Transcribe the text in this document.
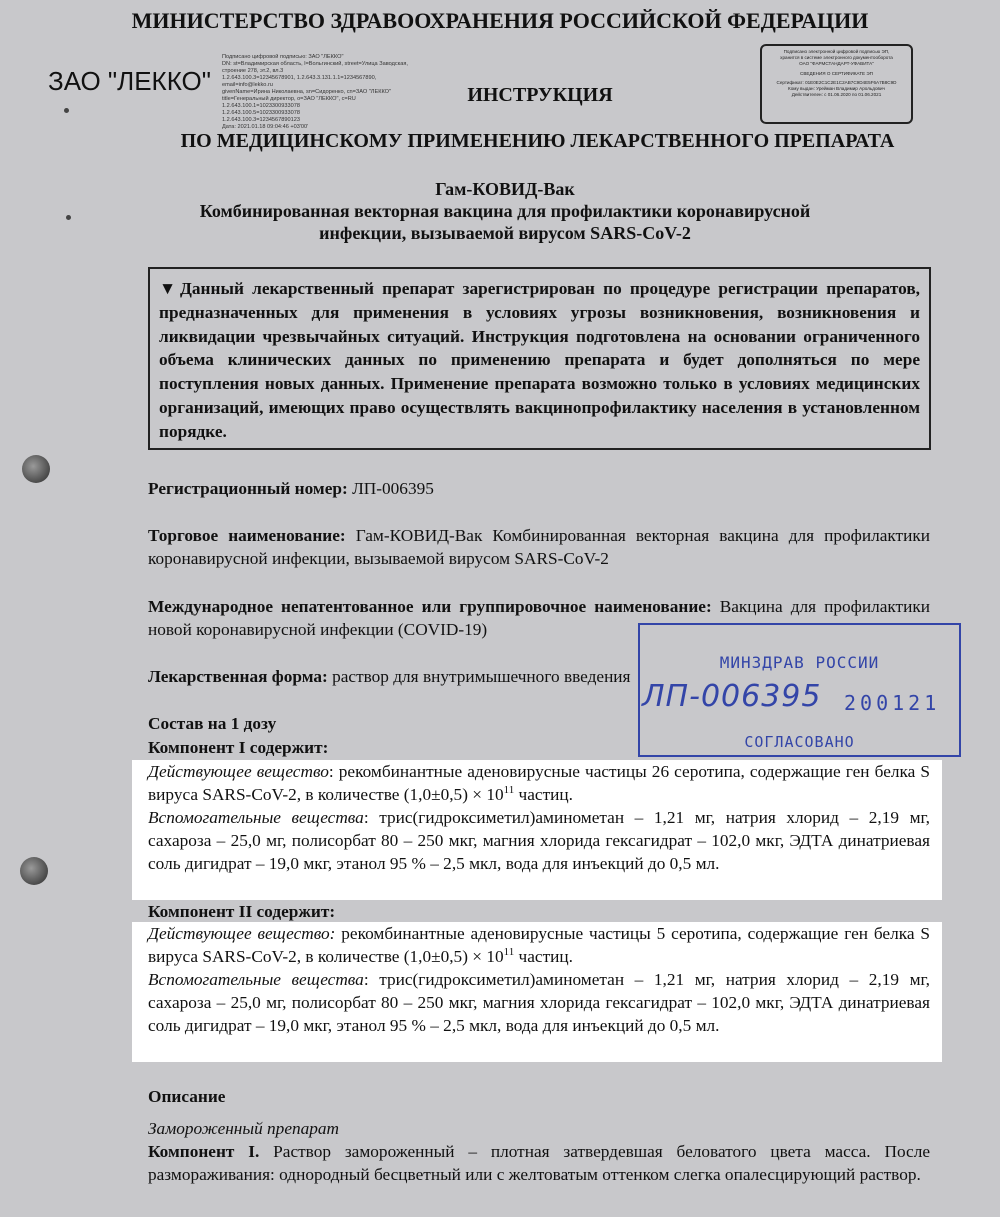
МИНИСТЕРСТВО ЗДРАВООХРАНЕНИЯ РОССИЙСКОЙ ФЕДЕРАЦИИ
ЗАО "ЛЕККО"
Подписано цифровой подписью: ЗАО "ЛЕККО"
DN: st=Владимирская область, l=Вольгинский, street=Улица Заводская, строение 278, эт.2, вл.3
1.2.643.100.3=12345678901, 1.2.643.3.131.1.1=1234567890, email=info@lekko.ru
givenName=Ирина Николаевна, sn=Сидоренко, cn=ЗАО "ЛЕККО"
title=Генеральный директор, o=ЗАО "ЛЕККО", c=RU
1.2.643.100.1=1023300933078
1.2.643.100.5=1023300933078
1.2.643.100.3=1234567890123
Дата: 2021.01.18 09:04:46 +03'00'
ИНСТРУКЦИЯ
Подписано электронной цифровой подписью ЭП,
хранится в системе электронного документооборота
ОАО "ФАРМСТАНДАРТ-УФАВИТА"
СВЕДЕНИЯ О СЕРТИФИКАТЕ ЭП
Сертификат: 01E0E2C1C2E1C2AB7C9D4E5F6A7B8C9D
Кому выдан: Урейман Владимир Арольдович
Действителен: с 01.06.2020 по 01.06.2021
ПО МЕДИЦИНСКОМУ ПРИМЕНЕНИЮ ЛЕКАРСТВЕННОГО ПРЕПАРАТА
Гам-КОВИД-Вак
Комбинированная векторная вакцина для профилактики коронавирусной
инфекции, вызываемой вирусом SARS-CoV-2
▼Данный лекарственный препарат зарегистрирован по процедуре регистрации препаратов, предназначенных для применения в условиях угрозы возникновения, возникновения и ликвидации чрезвычайных ситуаций. Инструкция подготовлена на основании ограниченного объема клинических данных по применению препарата и будет дополняться по мере поступления новых данных. Применение препарата возможно только в условиях медицинских организаций, имеющих право осуществлять вакцинопрофилактику населения в установленном порядке.
Регистрационный номер: ЛП-006395
Торговое наименование: Гам-КОВИД-Вак Комбинированная векторная вакцина для профилактики коронавирусной инфекции, вызываемой вирусом SARS-CoV-2
Международное непатентованное или группировочное наименование: Вакцина для профилактики новой коронавирусной инфекции (COVID-19)
Лекарственная форма: раствор для внутримышечного введения
Состав на 1 дозу
Компонент I содержит:
Действующее вещество: рекомбинантные аденовирусные частицы 26 серотипа, содержащие ген белка S вируса SARS-CoV-2, в количестве $(1,0\pm 0,5) \times 10^{11}$ частиц.
Вспомогательные вещества: трис(гидроксиметил)аминометан – 1,21 мг, натрия хлорид – 2,19 мг, сахароза – 25,0 мг, полисорбат 80 – 250 мкг, магния хлорида гексагидрат – 102,0 мкг, ЭДТА динатриевая соль дигидрат – 19,0 мкг, этанол 95 % – 2,5 мкл, вода для инъекций до 0,5 мл.
Компонент II содержит:
Действующее вещество: рекомбинантные аденовирусные частицы 5 серотипа, содержащие ген белка S вируса SARS-CoV-2, в количестве $(1,0\pm 0,5) \times 10^{11}$ частиц.
Вспомогательные вещества: трис(гидроксиметил)аминометан – 1,21 мг, натрия хлорид – 2,19 мг, сахароза – 25,0 мг, полисорбат 80 – 250 мкг, магния хлорида гексагидрат – 102,0 мкг, ЭДТА динатриевая соль дигидрат – 19,0 мкг, этанол 95 % – 2,5 мкл, вода для инъекций до 0,5 мл.
Описание
Замороженный препарат
Компонент I. Раствор замороженный – плотная затвердевшая беловатого цвета масса. После размораживания: однородный бесцветный или с желтоватым оттенком слегка опалесцирующий раствор.
МИНЗДРАВ РОССИИ
ЛП-006395 200121
СОГЛАСОВАНО
